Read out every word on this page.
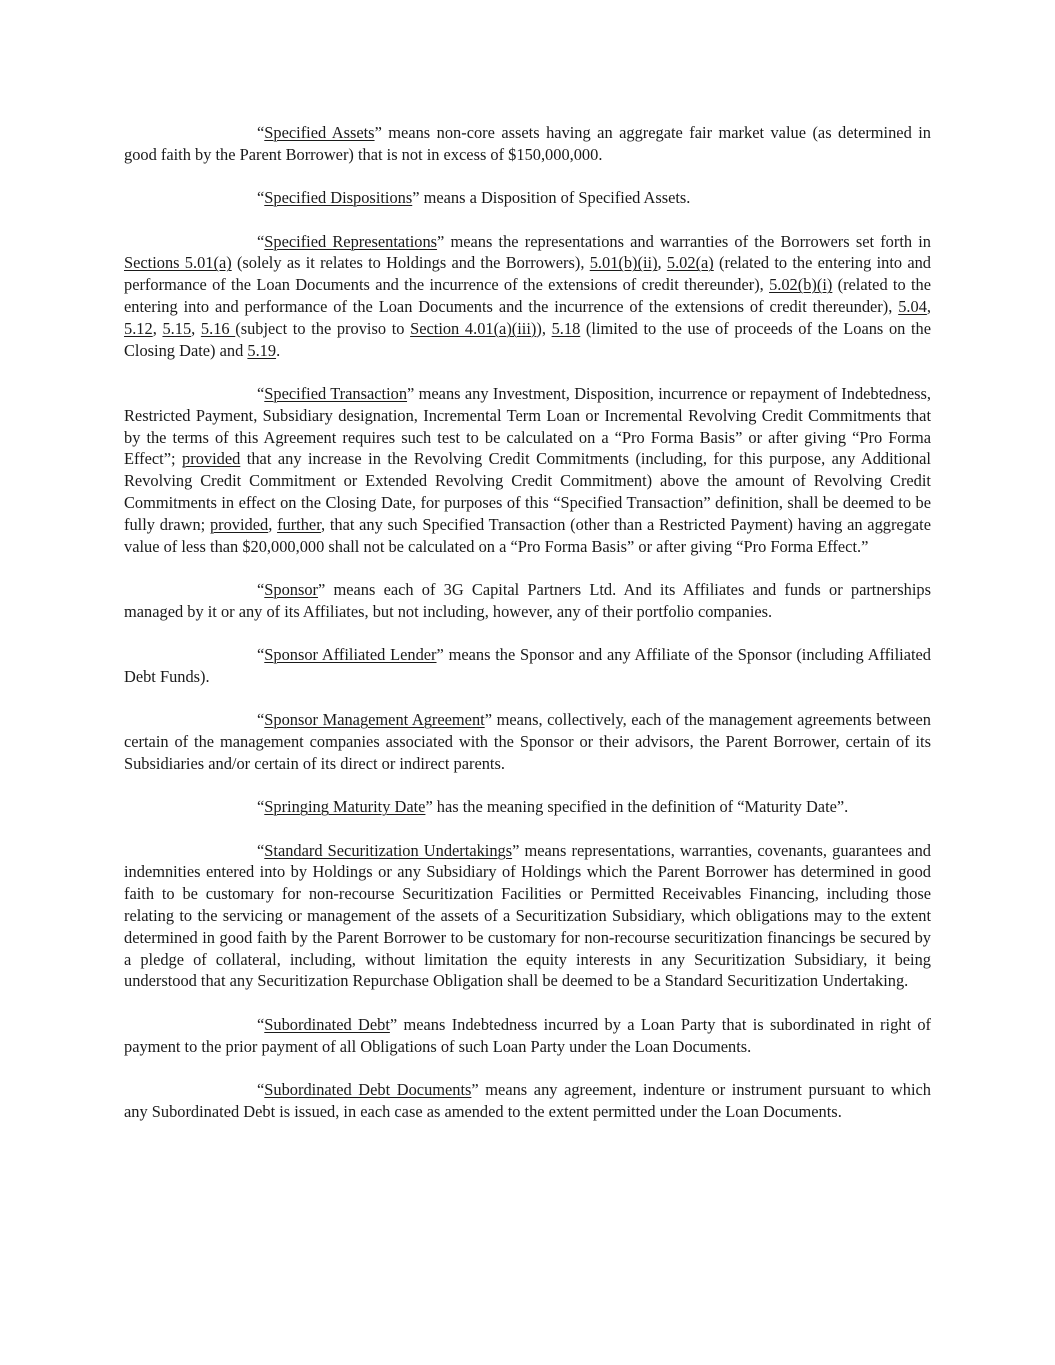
“Specified Assets” means non-core assets having an aggregate fair market value (as determined in good faith by the Parent Borrower) that is not in excess of $150,000,000.

“Specified Dispositions” means a Disposition of Specified Assets.

“Specified Representations” means the representations and warranties of the Borrowers set forth in Sections 5.01(a) (solely as it relates to Holdings and the Borrowers), 5.01(b)(ii), 5.02(a) (related to the entering into and performance of the Loan Documents and the incurrence of the extensions of credit thereunder), 5.02(b)(i) (related to the entering into and performance of the Loan Documents and the incurrence of the extensions of credit thereunder), 5.04, 5.12, 5.15, 5.16 (subject to the proviso to Section 4.01(a)(iii)), 5.18 (limited to the use of proceeds of the Loans on the Closing Date) and 5.19.

“Specified Transaction” means any Investment, Disposition, incurrence or repayment of Indebtedness, Restricted Payment, Subsidiary designation, Incremental Term Loan or Incremental Revolving Credit Commitments that by the terms of this Agreement requires such test to be calculated on a “Pro Forma Basis” or after giving “Pro Forma Effect”; provided that any increase in the Revolving Credit Commitments (including, for this purpose, any Additional Revolving Credit Commitment or Extended Revolving Credit Commitment) above the amount of Revolving Credit Commitments in effect on the Closing Date, for purposes of this “Specified Transaction” definition, shall be deemed to be fully drawn; provided, further, that any such Specified Transaction (other than a Restricted Payment) having an aggregate value of less than $20,000,000 shall not be calculated on a “Pro Forma Basis” or after giving “Pro Forma Effect.”

“Sponsor” means each of 3G Capital Partners Ltd. And its Affiliates and funds or partnerships managed by it or any of its Affiliates, but not including, however, any of their portfolio companies.

“Sponsor Affiliated Lender” means the Sponsor and any Affiliate of the Sponsor (including Affiliated Debt Funds).

“Sponsor Management Agreement” means, collectively, each of the management agreements between certain of the management companies associated with the Sponsor or their advisors, the Parent Borrower, certain of its Subsidiaries and/or certain of its direct or indirect parents.

“Springing Maturity Date” has the meaning specified in the definition of “Maturity Date”.

“Standard Securitization Undertakings” means representations, warranties, covenants, guarantees and indemnities entered into by Holdings or any Subsidiary of Holdings which the Parent Borrower has determined in good faith to be customary for non-recourse Securitization Facilities or Permitted Receivables Financing, including those relating to the servicing or management of the assets of a Securitization Subsidiary, which obligations may to the extent determined in good faith by the Parent Borrower to be customary for non-recourse securitization financings be secured by a pledge of collateral, including, without limitation the equity interests in any Securitization Subsidiary, it being understood that any Securitization Repurchase Obligation shall be deemed to be a Standard Securitization Undertaking.

“Subordinated Debt” means Indebtedness incurred by a Loan Party that is subordinated in right of payment to the prior payment of all Obligations of such Loan Party under the Loan Documents.

“Subordinated Debt Documents” means any agreement, indenture or instrument pursuant to which any Subordinated Debt is issued, in each case as amended to the extent permitted under the Loan Documents.
